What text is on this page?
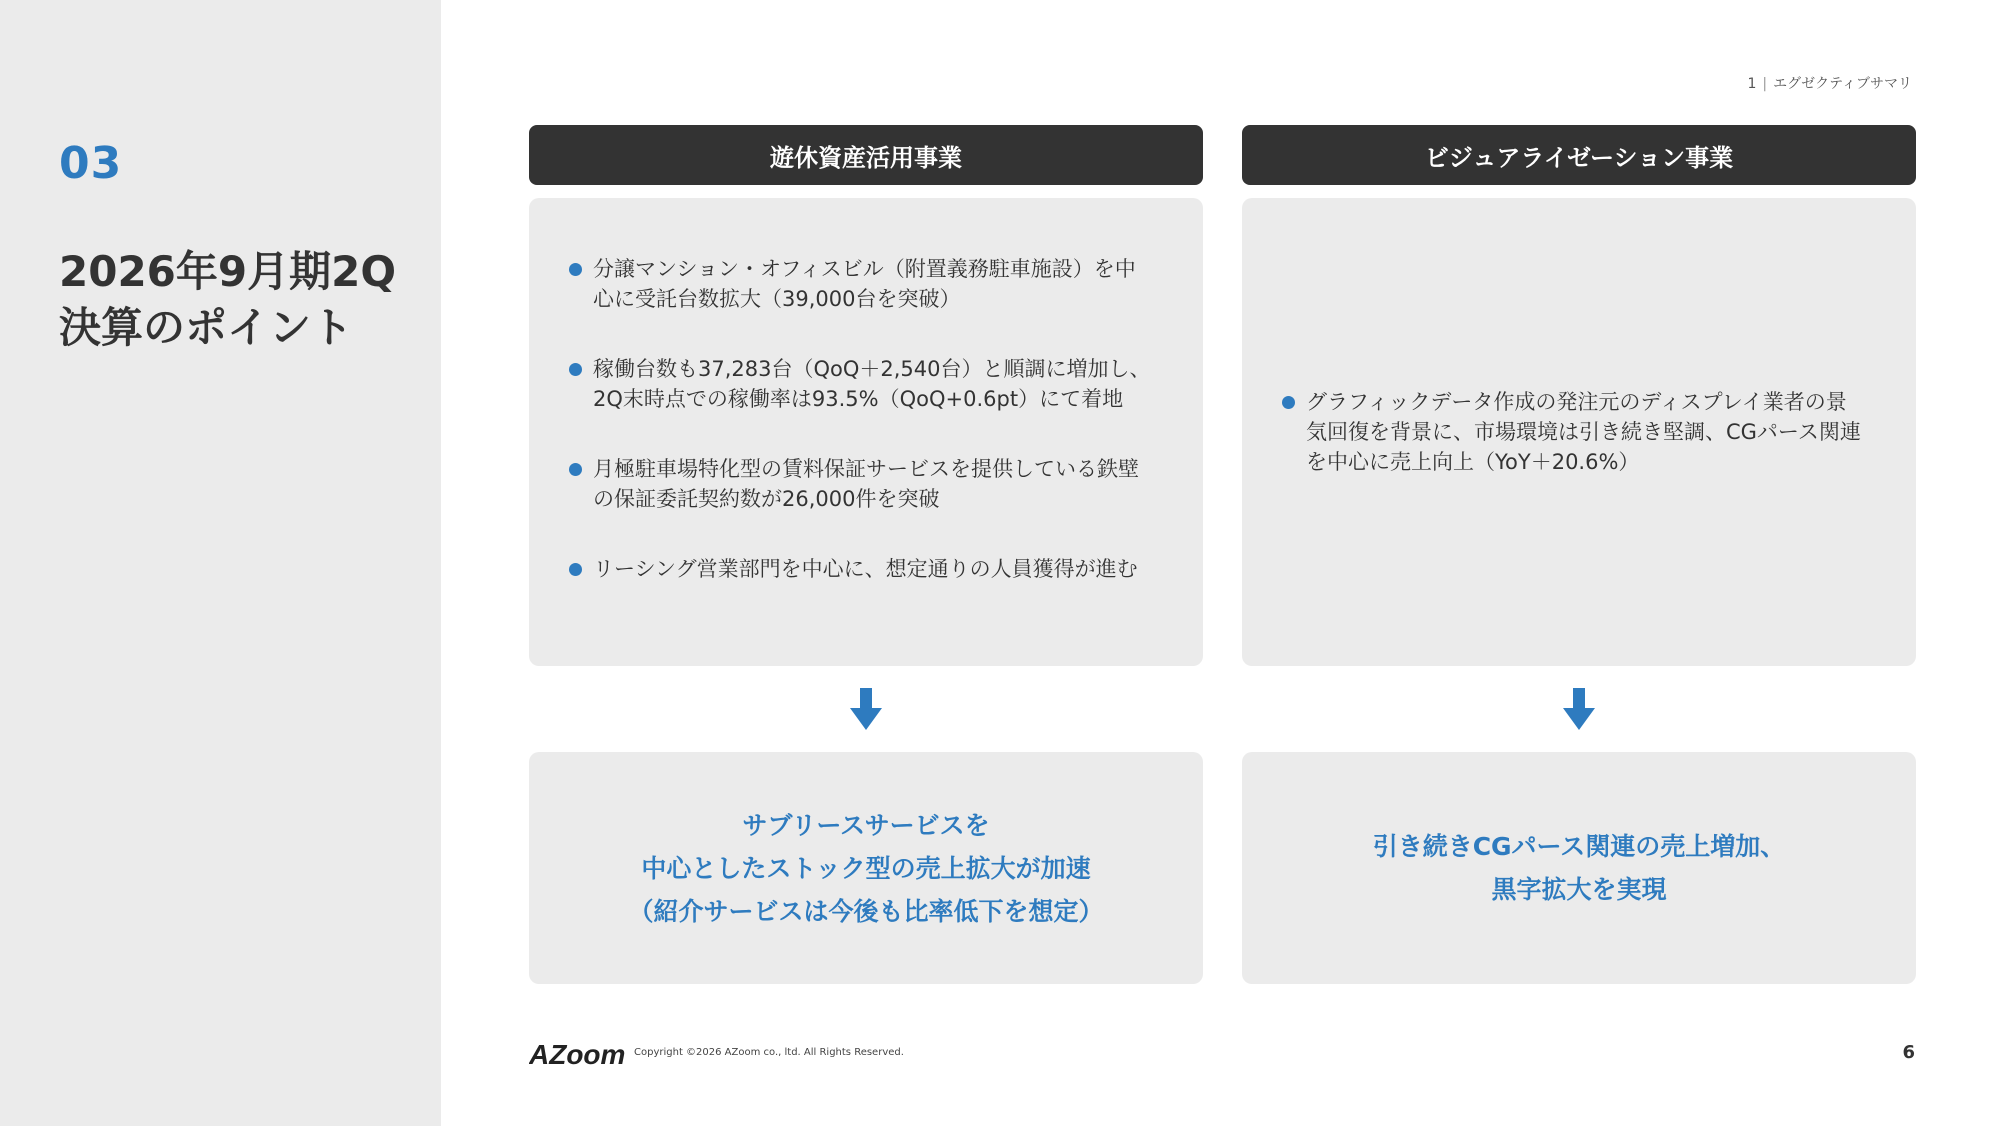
03
2026年9月期2Q
決算のポイント
1 | エグゼクティブサマリ
遊休資産活用事業
分譲マンション・オフィスビル（附置義務駐車施設）を中心に受託台数拡大（39,000台を突破）
稼働台数も37,283台（QoQ＋2,540台）と順調に増加し、2Q末時点での稼働率は93.5%（QoQ+0.6pt）にて着地
月極駐車場特化型の賃料保証サービスを提供している鉄壁の保証委託契約数が26,000件を突破
リーシング営業部門を中心に、想定通りの人員獲得が進む
サブリースサービスを
中心としたストック型の売上拡大が加速
（紹介サービスは今後も比率低下を想定）
ビジュアライゼーション事業
グラフィックデータ作成の発注元のディスプレイ業者の景気回復を背景に、市場環境は引き続き堅調、CGパース関連を中心に売上向上（YoY＋20.6%）
引き続きCGパース関連の売上増加、
黒字拡大を実現
AZoom Copyright ©2026 AZoom co., ltd. All Rights Reserved.	6
